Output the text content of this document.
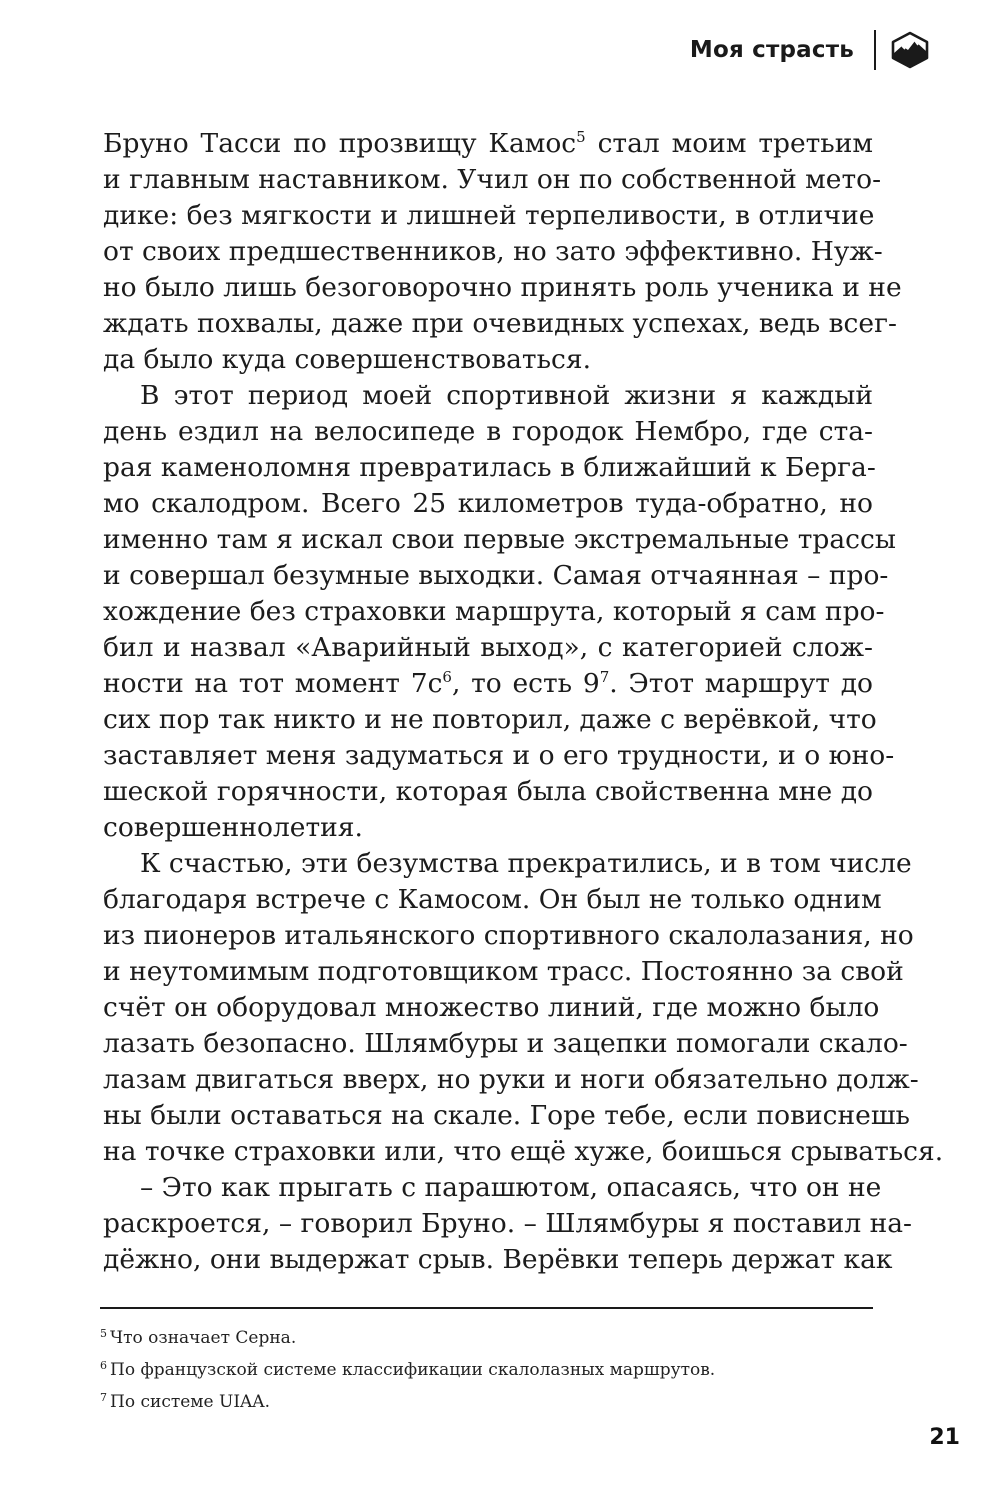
Моя страсть
Бруно Тасси по прозвищу Камос$^5$ стал моим третьим
и главным наставником. Учил он по собственной мето-
дике: без мягкости и лишней терпеливости, в отличие
от своих предшественников, но зато эффективно. Нуж-
но было лишь безоговорочно принять роль ученика и не
ждать похвалы, даже при очевидных успехах, ведь всег-
да было куда совершенствоваться.
В этот период моей спортивной жизни я каждый
день ездил на велосипеде в городок Нембро, где ста-
рая каменоломня превратилась в ближайший к Берга-
мо скалодром. Всего 25 километров туда-обратно, но
именно там я искал свои первые экстремальные трассы
и совершал безумные выходки. Самая отчаянная – про-
хождение без страховки маршрута, который я сам про-
бил и назвал «Аварийный выход», с категорией слож-
ности на тот момент $7с^6$, то есть $9^7$. Этот маршрут до
сих пор так никто и не повторил, даже с верёвкой, что
заставляет меня задуматься и о его трудности, и о юно-
шеской горячности, которая была свойственна мне до
совершеннолетия.
К счастью, эти безумства прекратились, и в том числе
благодаря встрече с Камосом. Он был не только одним
из пионеров итальянского спортивного скалолазания, но
и неутомимым подготовщиком трасс. Постоянно за свой
счёт он оборудовал множество линий, где можно было
лазать безопасно. Шлямбуры и зацепки помогали скало-
лазам двигаться вверх, но руки и ноги обязательно долж-
ны были оставаться на скале. Горе тебе, если повиснешь
на точке страховки или, что ещё хуже, боишься срываться.
– Это как прыгать с парашютом, опасаясь, что он не
раскроется, – говорил Бруно. – Шлямбуры я поставил на-
дёжно, они выдержат срыв. Верёвки теперь держат как
$^5$ Что означает Серна.
$^6$ По французской системе классификации скалолазных маршрутов.
$^7$ По системе UIAA.
21
